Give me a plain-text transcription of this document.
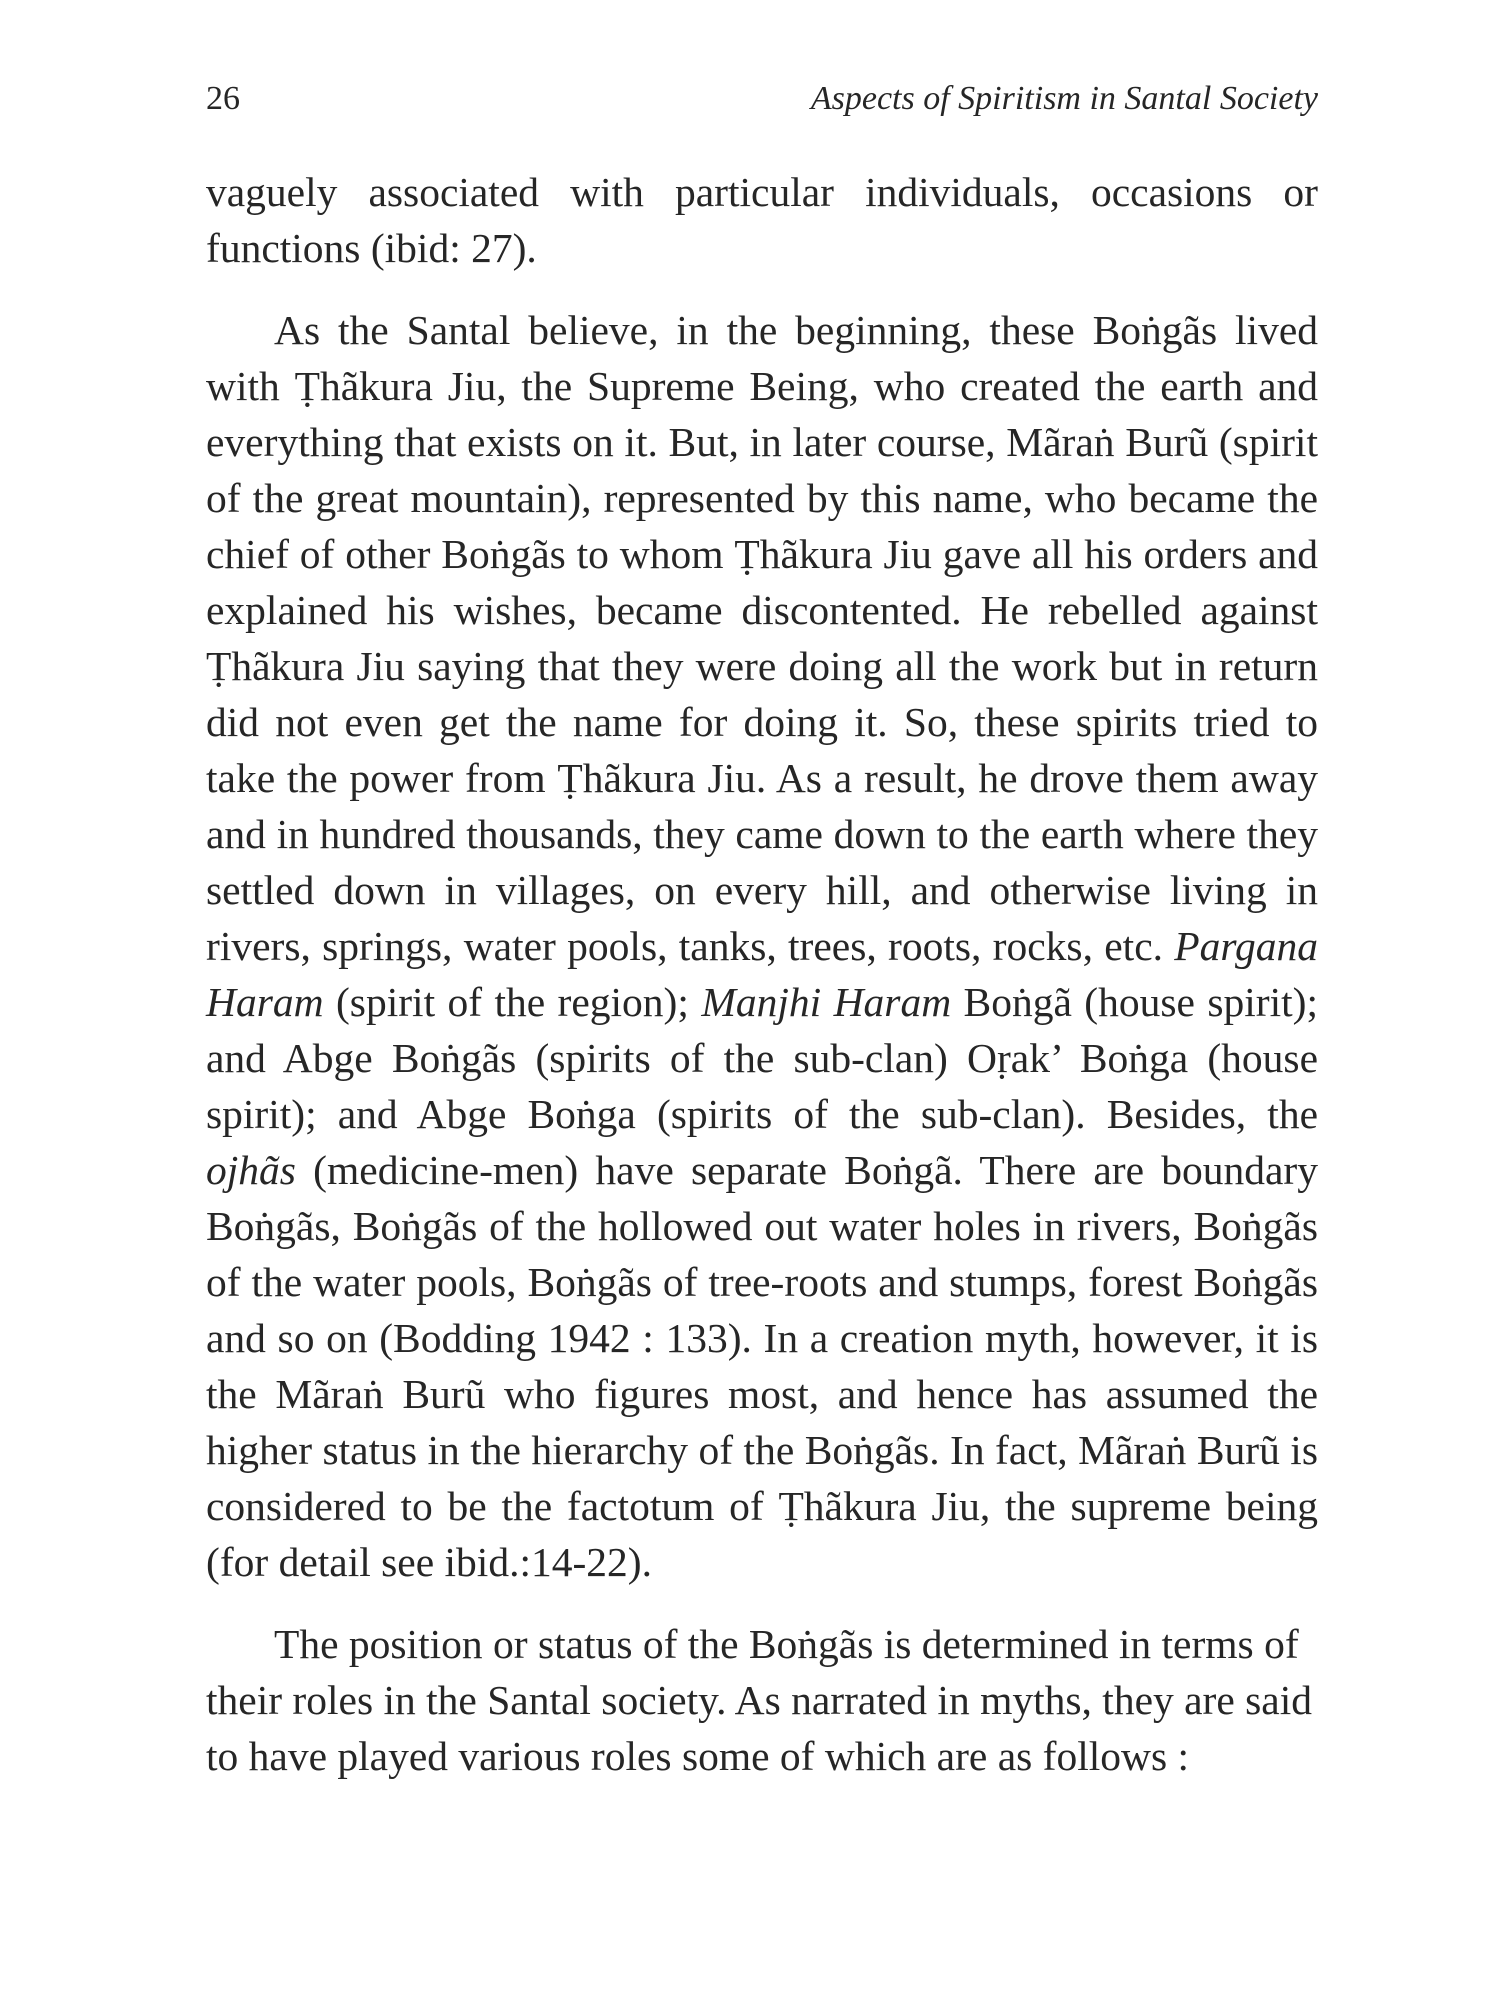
26	Aspects of Spiritism in Santal Society

vaguely associated with particular individuals, occasions or functions (ibid: 27).

As the Santal believe, in the beginning, these Boṅgãs lived with Ṭhãkura Jiu, the Supreme Being, who created the earth and everything that exists on it. But, in later course, Mãraṅ Burũ (spirit of the great mountain), represented by this name, who became the chief of other Boṅgãs to whom Ṭhãkura Jiu gave all his orders and explained his wishes, became discontented. He rebelled against Ṭhãkura Jiu saying that they were doing all the work but in return did not even get the name for doing it. So, these spirits tried to take the power from Ṭhãkura Jiu. As a result, he drove them away and in hundred thousands, they came down to the earth where they settled down in villages, on every hill, and otherwise living in rivers, springs, water pools, tanks, trees, roots, rocks, etc. Pargana Haram (spirit of the region); Manjhi Haram Boṅgã (house spirit); and Abge Boṅgãs (spirits of the sub-clan) Oṛak’ Boṅga (house spirit); and Abge Boṅga (spirits of the sub-clan). Besides, the ojhãs (medicine-men) have separate Boṅgã. There are boundary Boṅgãs, Boṅgãs of the hollowed out water holes in rivers, Boṅgãs of the water pools, Boṅgãs of tree-roots and stumps, forest Boṅgãs and so on (Bodding 1942 : 133). In a creation myth, however, it is the Mãraṅ Burũ who figures most, and hence has assumed the higher status in the hierarchy of the Boṅgãs. In fact, Mãraṅ Burũ is considered to be the factotum of Ṭhãkura Jiu, the supreme being (for detail see ibid.:14-22).

The position or status of the Boṅgãs is determined in terms of their roles in the Santal society. As narrated in myths, they are said to have played various roles some of which are as follows :
